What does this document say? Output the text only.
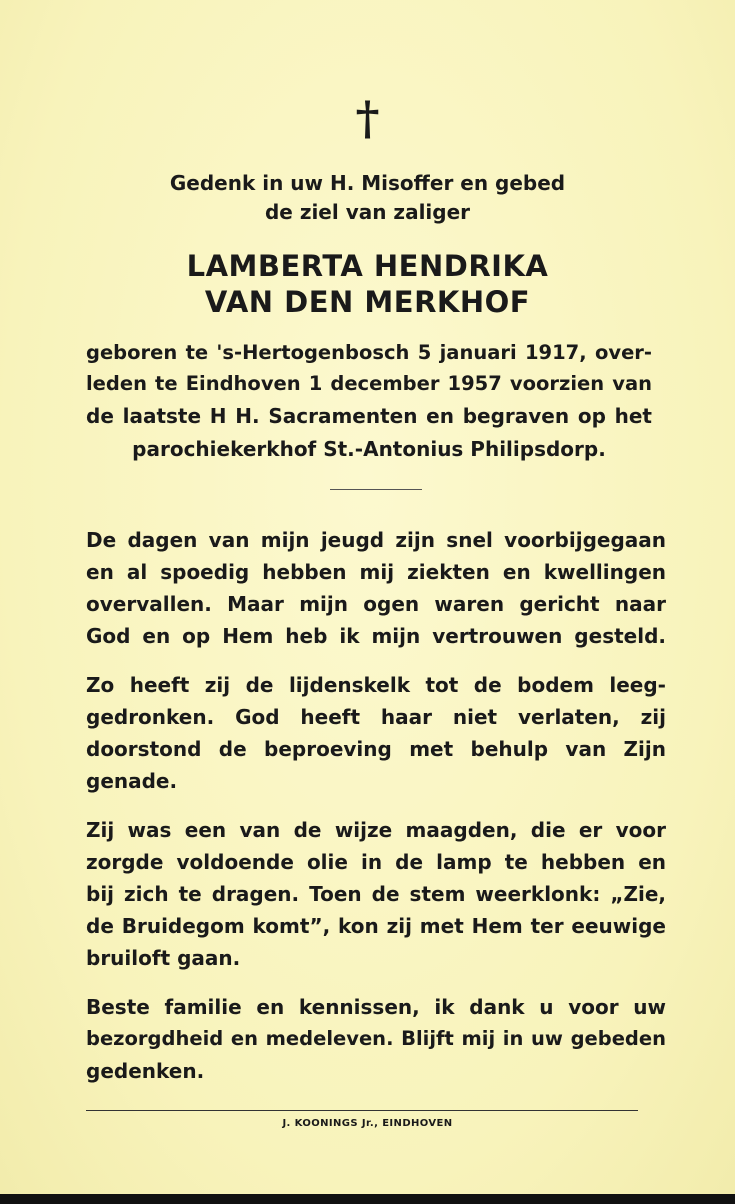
†
Gedenk in uw H. Misoffer en gebed
de ziel van zaliger
LAMBERTA HENDRIKA
VAN DEN MERKHOF
geboren te 's-Hertogenbosch 5 januari 1917, over-
leden te Eindhoven 1 december 1957 voorzien van
de laatste H H. Sacramenten en begraven op het
parochiekerkhof St.-Antonius Philipsdorp.
De dagen van mijn jeugd zijn snel voorbijgegaan
en al spoedig hebben mij ziekten en kwellingen
overvallen. Maar mijn ogen waren gericht naar
God en op Hem heb ik mijn vertrouwen gesteld.
Zo heeft zij de lijdenskelk tot de bodem leeg-
gedronken. God heeft haar niet verlaten, zij
doorstond de beproeving met behulp van Zijn
genade.
Zij was een van de wijze maagden, die er voor
zorgde voldoende olie in de lamp te hebben en
bij zich te dragen. Toen de stem weerklonk: „Zie,
de Bruidegom komt”, kon zij met Hem ter eeuwige
bruiloft gaan.
Beste familie en kennissen, ik dank u voor uw
bezorgdheid en medeleven. Blijft mij in uw gebeden
gedenken.
J. KOONINGS Jr., EINDHOVEN
